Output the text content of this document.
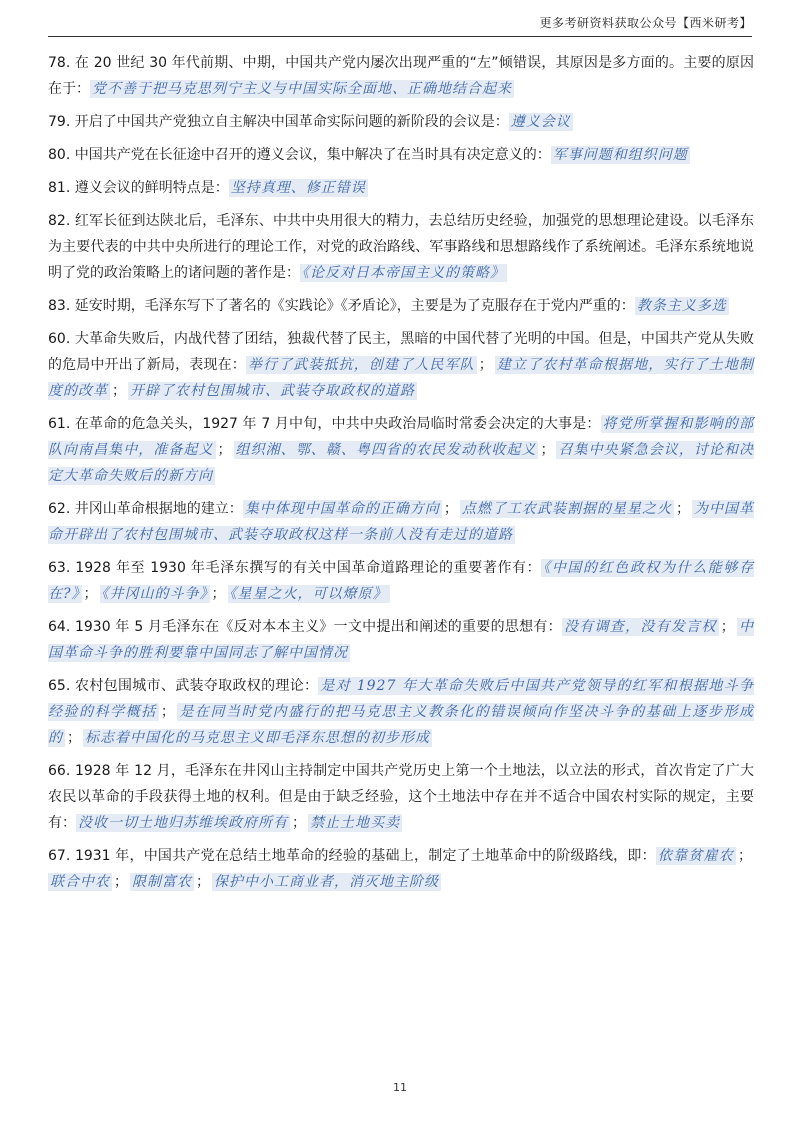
更多考研资料获取公众号【西米研考】

78. 在 20 世纪 30 年代前期、中期，中国共产党内屡次出现严重的“左”倾错误，其原因是多方面的。主要的原因在于： 党不善于把马克思列宁主义与中国实际全面地、正确地结合起来

79. 开启了中国共产党独立自主解决中国革命实际问题的新阶段的会议是： 遵义会议

80. 中国共产党在长征途中召开的遵义会议，集中解决了在当时具有决定意义的： 军事问题和组织问题

81. 遵义会议的鲜明特点是： 坚持真理、修正错误

82. 红军长征到达陕北后，毛泽东、中共中央用很大的精力，去总结历史经验，加强党的思想理论建设。以毛泽东为主要代表的中共中央所进行的理论工作，对党的政治路线、军事路线和思想路线作了系统阐述。毛泽东系统地说明了党的政治策略上的诸问题的著作是： 《论反对日本帝国主义的策略》

83. 延安时期，毛泽东写下了著名的《实践论》《矛盾论》，主要是为了克服存在于党内严重的： 教条主义多选

60. 大革命失败后，内战代替了团结，独裁代替了民主，黑暗的中国代替了光明的中国。但是，中国共产党从失败的危局中开出了新局，表现在： 举行了武装抵抗，创建了人民军队 ； 建立了农村革命根据地，实行了土地制度的改革 ； 开辟了农村包围城市、武装夺取政权的道路

61. 在革命的危急关头，1927 年 7 月中旬，中共中央政治局临时常委会决定的大事是： 将党所掌握和影响的部队向南昌集中，准备起义 ； 组织湘、鄂、赣、粤四省的农民发动秋收起义 ； 召集中央紧急会议，讨论和决定大革命失败后的新方向

62. 井冈山革命根据地的建立： 集中体现中国革命的正确方向 ； 点燃了工农武装割据的星星之火 ； 为中国革命开辟出了农村包围城市、武装夺取政权这样一条前人没有走过的道路

63. 1928 年至 1930 年毛泽东撰写的有关中国革命道路理论的重要著作有： 《中国的红色政权为什么能够存在?》 ； 《井冈山的斗争》 ； 《星星之火，可以燎原》

64. 1930 年 5 月毛泽东在《反对本本主义》一文中提出和阐述的重要的思想有： 没有调查，没有发言权 ； 中国革命斗争的胜利要靠中国同志了解中国情况

65. 农村包围城市、武装夺取政权的理论： 是对 1927 年大革命失败后中国共产党领导的红军和根据地斗争经验的科学概括 ； 是在同当时党内盛行的把马克思主义教条化的错误倾向作坚决斗争的基础上逐步形成的 ； 标志着中国化的马克思主义即毛泽东思想的初步形成

66. 1928 年 12 月，毛泽东在井冈山主持制定中国共产党历史上第一个土地法，以立法的形式，首次肯定了广大农民以革命的手段获得土地的权利。但是由于缺乏经验，这个土地法中存在并不适合中国农村实际的规定，主要有： 没收一切土地归苏维埃政府所有 ； 禁止土地买卖

67. 1931 年，中国共产党在总结土地革命的经验的基础上，制定了土地革命中的阶级路线，即： 依靠贫雇农 ；联合中农 ； 限制富农 ； 保护中小工商业者，消灭地主阶级

11
